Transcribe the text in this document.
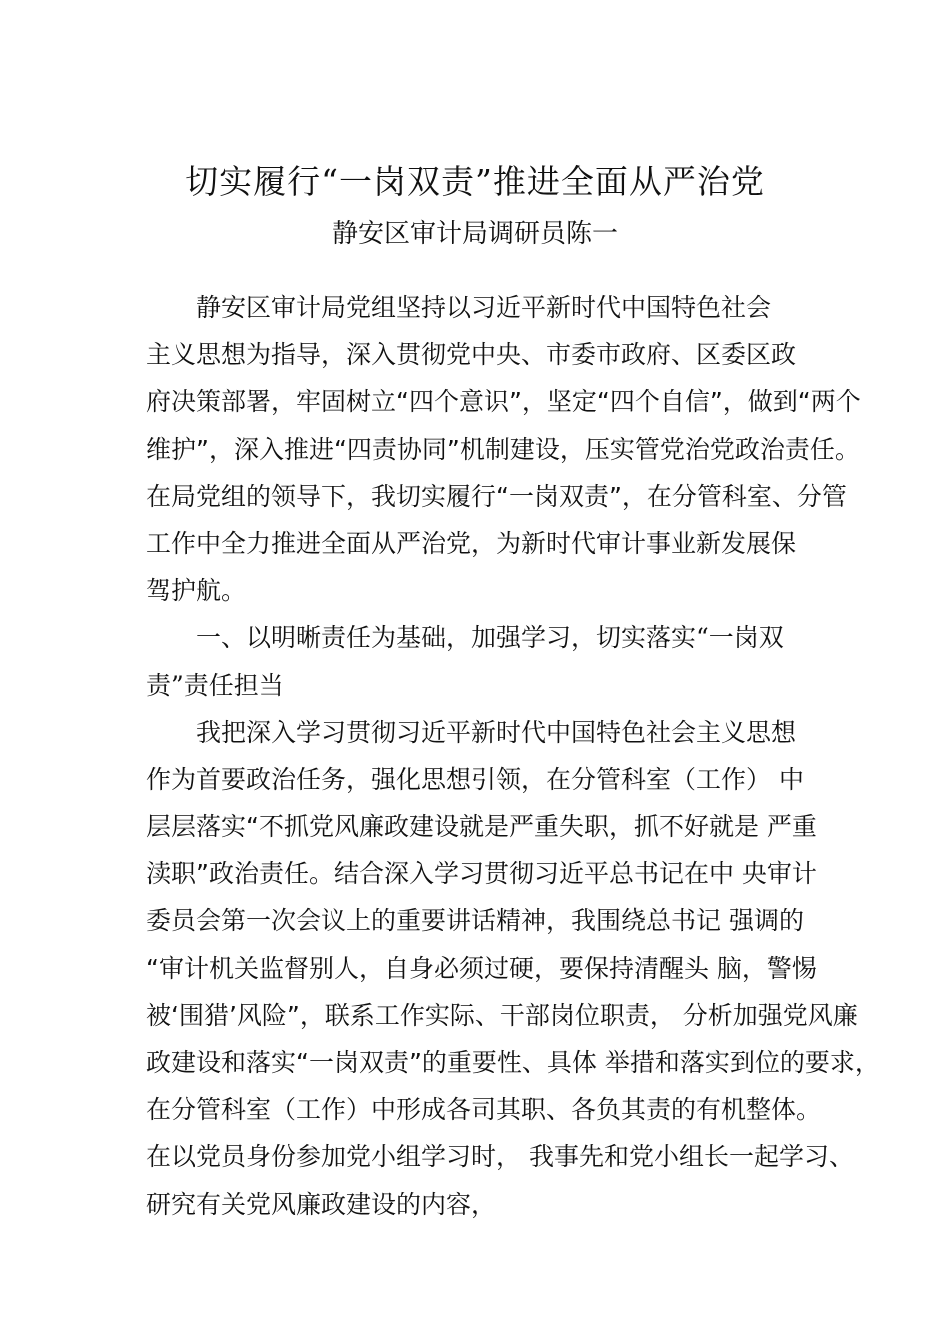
切实履行“一岗双责”推进全面从严治党
静安区审计局调研员陈一
静安区审计局党组坚持以习近平新时代中国特色社会
主义思想为指导，深入贯彻党中央、市委市政府、区委区政
府决策部署，牢固树立“四个意识”，坚定“四个自信”，做到“两个
维护”，深入推进“四责协同”机制建设，压实管党治党政治责任。
在局党组的领导下，我切实履行“一岗双责”，在分管科室、分管
工作中全力推进全面从严治党，为新时代审计事业新发展保
驾护航。
一、以明晰责任为基础，加强学习，切实落实“一岗双
责”责任担当
我把深入学习贯彻习近平新时代中国特色社会主义思想
作为首要政治任务，强化思想引领，在分管科室（工作） 中
层层落实“不抓党风廉政建设就是严重失职，抓不好就是 严重
渎职”政治责任。结合深入学习贯彻习近平总书记在中 央审计
委员会第一次会议上的重要讲话精神，我围绕总书记 强调的
“审计机关监督别人，自身必须过硬，要保持清醒头 脑，警惕
被‘围猎’风险”，联系工作实际、干部岗位职责， 分析加强党风廉
政建设和落实“一岗双责”的重要性、具体 举措和落实到位的要求，
在分管科室（工作）中形成各司其职、各负其责的有机整体。
在以党员身份参加党小组学习时， 我事先和党小组长一起学习、
研究有关党风廉政建设的内容，
